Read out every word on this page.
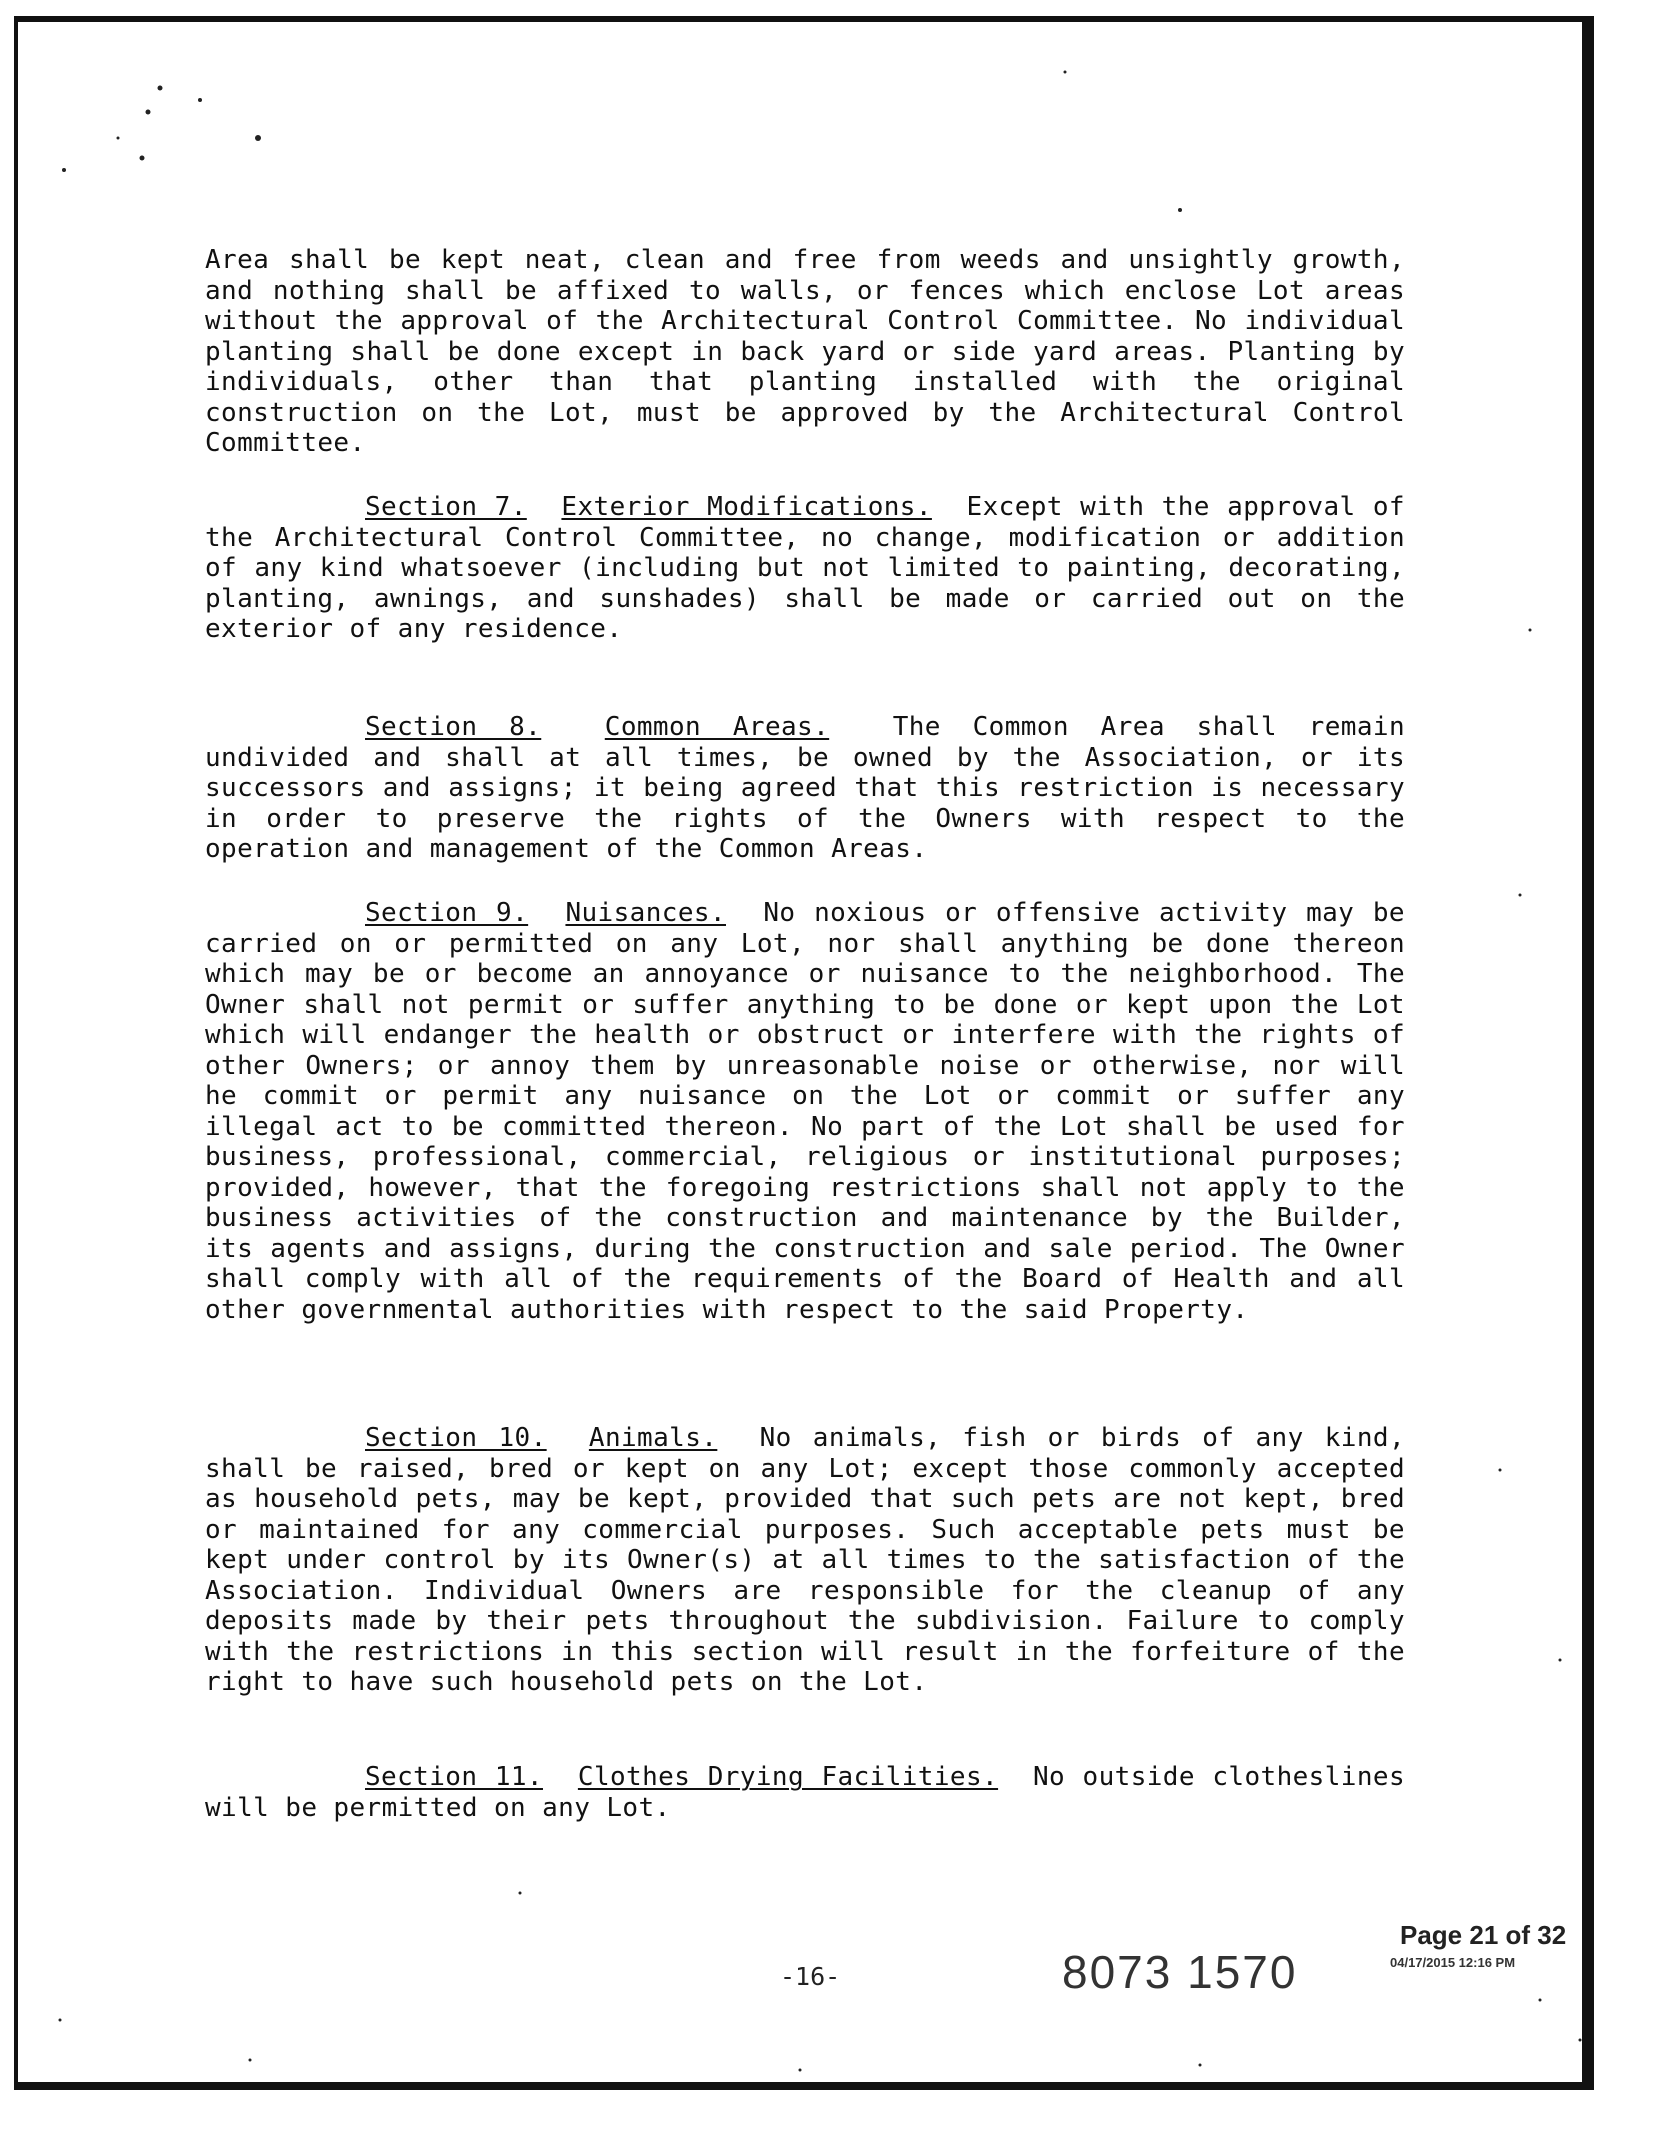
Area shall be kept neat, clean and free from weeds and unsightly growth, and nothing shall be affixed to walls, or fences which enclose Lot areas without the approval of the Architectural Control Committee. No individual planting shall be done except in back yard or side yard areas. Planting by individuals, other than that planting installed with the original construction on the Lot, must be approved by the Architectural Control Committee.

Section 7. Exterior Modifications. Except with the approval of the Architectural Control Committee, no change, modification or addition of any kind whatsoever (including but not limited to painting, decorating, planting, awnings, and sunshades) shall be made or carried out on the exterior of any residence.

Section 8. Common Areas. The Common Area shall remain undivided and shall at all times, be owned by the Association, or its successors and assigns; it being agreed that this restriction is necessary in order to preserve the rights of the Owners with respect to the operation and management of the Common Areas.

Section 9. Nuisances. No noxious or offensive activity may be carried on or permitted on any Lot, nor shall anything be done thereon which may be or become an annoyance or nuisance to the neighborhood. The Owner shall not permit or suffer anything to be done or kept upon the Lot which will endanger the health or obstruct or interfere with the rights of other Owners; or annoy them by unreasonable noise or otherwise, nor will he commit or permit any nuisance on the Lot or commit or suffer any illegal act to be committed thereon. No part of the Lot shall be used for business, professional, commercial, religious or institutional purposes; provided, however, that the foregoing restrictions shall not apply to the business activities of the construction and maintenance by the Builder, its agents and assigns, during the construction and sale period. The Owner shall comply with all of the requirements of the Board of Health and all other governmental authorities with respect to the said Property.

Section 10. Animals. No animals, fish or birds of any kind, shall be raised, bred or kept on any Lot; except those commonly accepted as household pets, may be kept, provided that such pets are not kept, bred or maintained for any commercial purposes. Such acceptable pets must be kept under control by its Owner(s) at all times to the satisfaction of the Association. Individual Owners are responsible for the cleanup of any deposits made by their pets throughout the subdivision. Failure to comply with the restrictions in this section will result in the forfeiture of the right to have such household pets on the Lot.

Section 11. Clothes Drying Facilities. No outside clotheslines will be permitted on any Lot.

-16-	8073 1570
Page 21 of 32
04/17/2015 12:16 PM
